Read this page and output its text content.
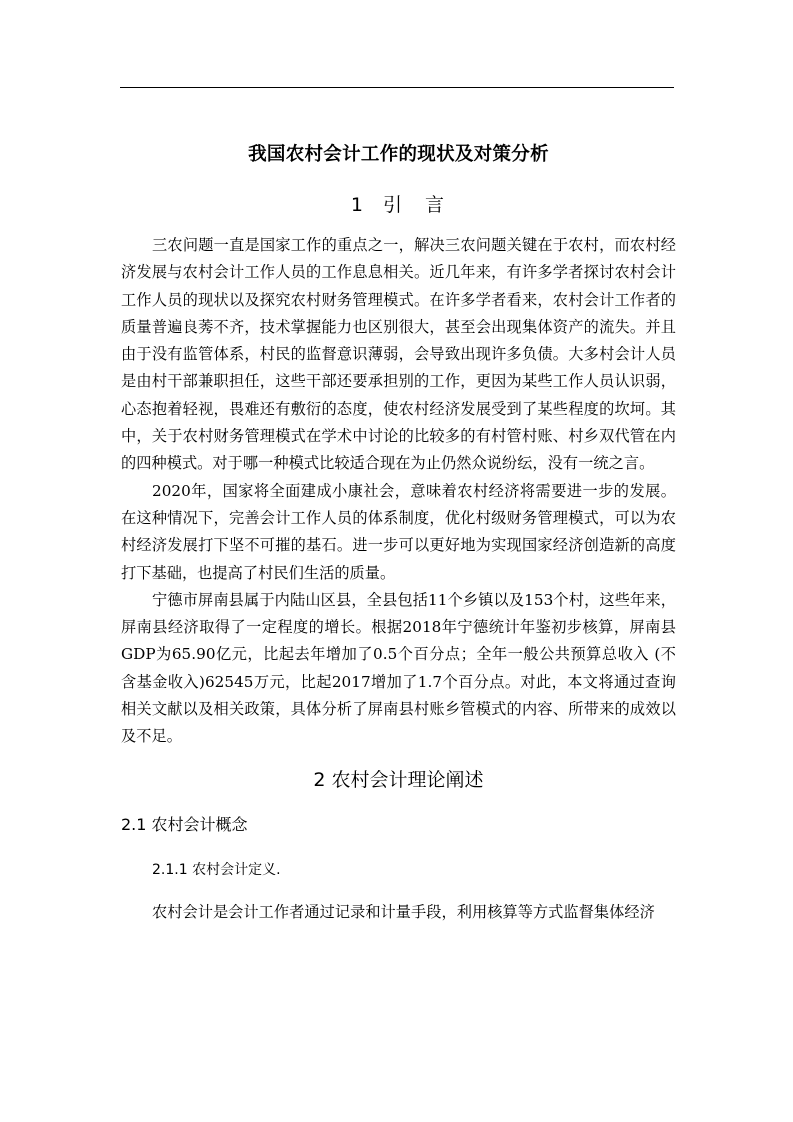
我国农村会计工作的现状及对策分析
1 引　言

三农问题一直是国家工作的重点之一，解决三农问题关键在于农村，而农村经济发展与农村会计工作人员的工作息息相关。近几年来，有许多学者探讨农村会计工作人员的现状以及探究农村财务管理模式。在许多学者看来，农村会计工作者的质量普遍良莠不齐，技术掌握能力也区别很大，甚至会出现集体资产的流失。并且由于没有监管体系，村民的监督意识薄弱，会导致出现许多负债。大多村会计人员是由村干部兼职担任，这些干部还要承担别的工作，更因为某些工作人员认识弱，心态抱着轻视，畏难还有敷衍的态度，使农村经济发展受到了某些程度的坎坷。其中，关于农村财务管理模式在学术中讨论的比较多的有村管村账、村乡双代管在内的四种模式。对于哪一种模式比较适合现在为止仍然众说纷纭，没有一统之言。

2020年，国家将全面建成小康社会，意味着农村经济将需要进一步的发展。在这种情况下，完善会计工作人员的体系制度，优化村级财务管理模式，可以为农村经济发展打下坚不可摧的基石。进一步可以更好地为实现国家经济创造新的高度打下基础，也提高了村民们生活的质量。

宁德市屏南县属于内陆山区县，全县包括11个乡镇以及153个村，这些年来，屏南县经济取得了一定程度的增长。根据2018年宁德统计年鉴初步核算，屏南县GDP为65.90亿元，比起去年增加了0.5个百分点；全年一般公共预算总收入 (不含基金收入)62545万元，比起2017增加了1.7个百分点。对此，本文将通过查询相关文献以及相关政策，具体分析了屏南县村账乡管模式的内容、所带来的成效以及不足。

2 农村会计理论阐述
2.1 农村会计概念
2.1.1 农村会计定义.

农村会计是会计工作者通过记录和计量手段，利用核算等方式监督集体经济
